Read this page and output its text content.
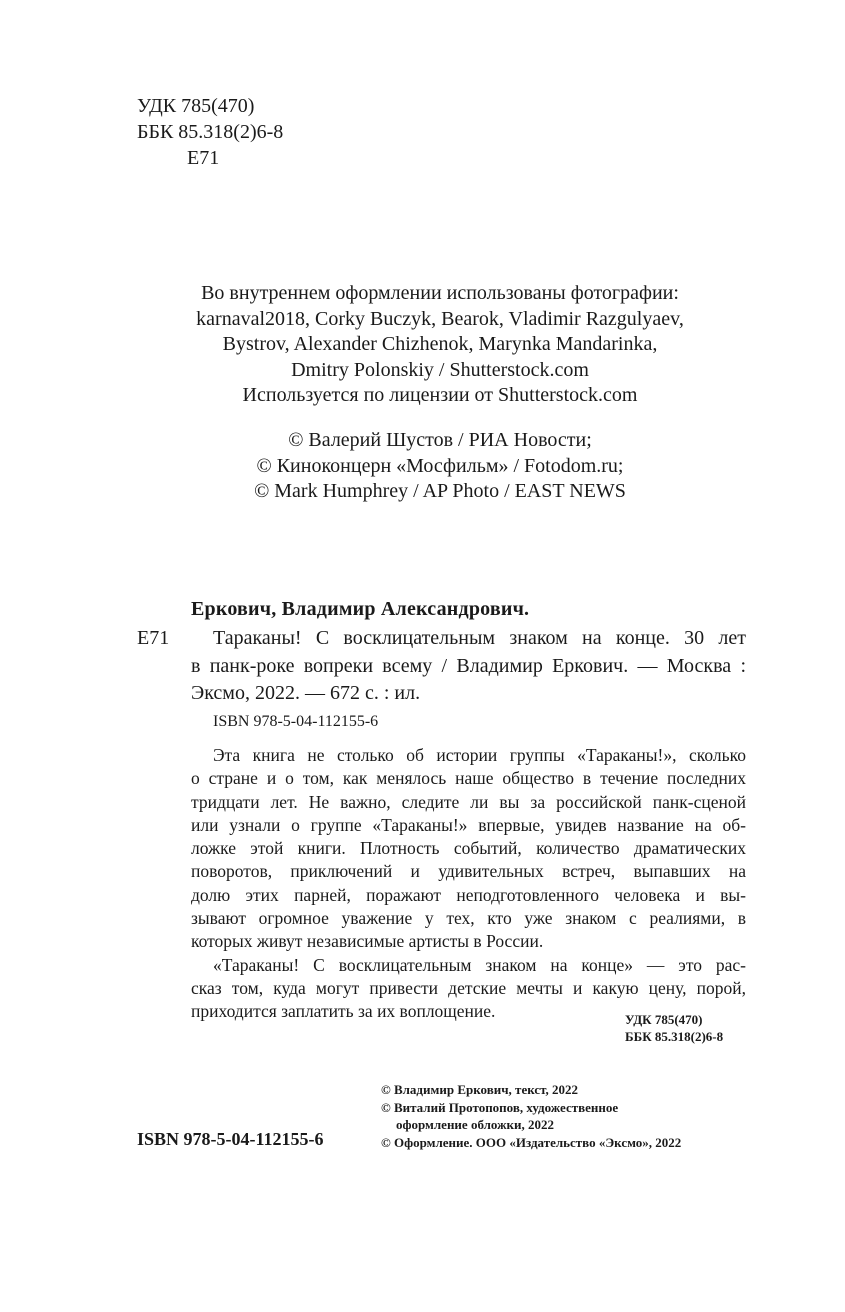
УДК 785(470)
ББК 85.318(2)6-8
Е71
Во внутреннем оформлении использованы фотографии:
karnaval2018, Corky Buczyk, Bearok, Vladimir Razgulyaev,
Bystrov, Alexander Chizhenok, Marynka Mandarinka,
Dmitry Polonskiy / Shutterstock.com
Используется по лицензии от Shutterstock.com
© Валерий Шустов / РИА Новости;
© Киноконцерн «Мосфильм» / Fotodom.ru;
© Mark Humphrey / AP Photo / EAST NEWS
Еркович, Владимир Александрович.
Е71	Тараканы! С восклицательным знаком на конце. 30 лет
в панк-роке вопреки всему / Владимир Еркович. — Москва :
Эксмо, 2022. — 672 с. : ил.
ISBN 978-5-04-112155-6
Эта книга не столько об истории группы «Тараканы!», сколько
о стране и о том, как менялось наше общество в течение последних
тридцати лет. Не важно, следите ли вы за российской панк-сценой
или узнали о группе «Тараканы!» впервые, увидев название на об-
ложке этой книги. Плотность событий, количество драматических
поворотов, приключений и удивительных встреч, выпавших на
долю этих парней, поражают неподготовленного человека и вы-
зывают огромное уважение у тех, кто уже знаком с реалиями, в
которых живут независимые артисты в России.
«Тараканы! С восклицательным знаком на конце» — это рас-
сказ том, куда могут привести детские мечты и какую цену, порой,
приходится заплатить за их воплощение.	УДК 785(470)
ББК 85.318(2)6-8
ISBN 978-5-04-112155-6
© Владимир Еркович, текст, 2022
© Виталий Протопопов, художественное
оформление обложки, 2022
© Оформление. ООО «Издательство «Эксмо», 2022
